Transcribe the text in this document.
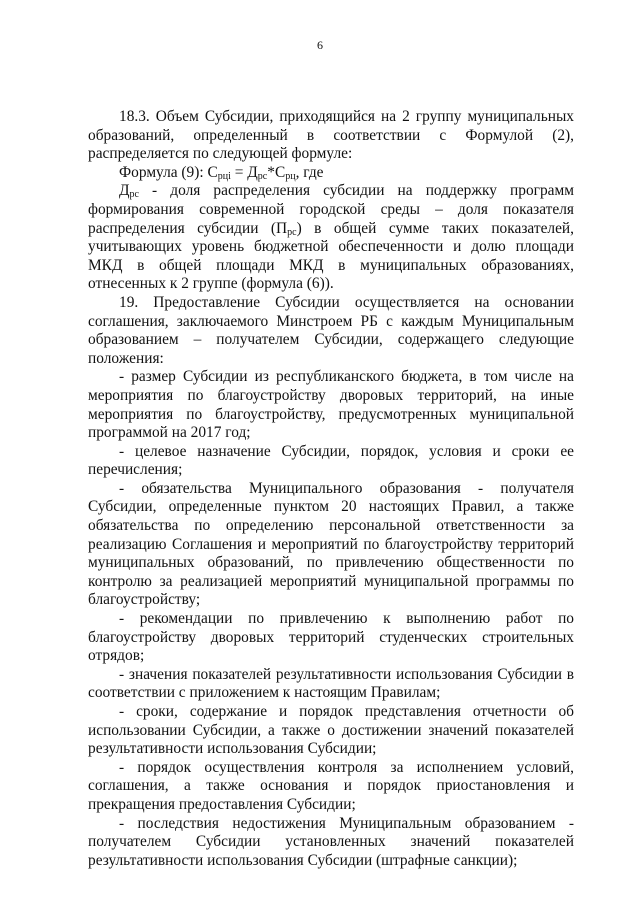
6

18.3. Объем Субсидии, приходящийся на 2 группу муниципальных образований, определенный в соответствии с Формулой (2), распределяется по следующей формуле:

Формула (9): $С_{рці} = Д_{рс}*С_{рц}$, где

$Д_{рс}$ - доля распределения субсидии на поддержку программ формирования современной городской среды – доля показателя распределения субсидии $(П_{рс})$ в общей сумме таких показателей, учитывающих уровень бюджетной обеспеченности и долю площади МКД в общей площади МКД в муниципальных образованиях, отнесенных к 2 группе (формула (6)).

19. Предоставление Субсидии осуществляется на основании соглашения, заключаемого Минстроем РБ с каждым Муниципальным образованием – получателем Субсидии, содержащего следующие положения:

- размер Субсидии из республиканского бюджета, в том числе на мероприятия по благоустройству дворовых территорий, на иные мероприятия по благоустройству, предусмотренных муниципальной программой на 2017 год;

- целевое назначение Субсидии, порядок, условия и сроки ее перечисления;

- обязательства Муниципального образования - получателя Субсидии, определенные пунктом 20 настоящих Правил, а также обязательства по определению персональной ответственности за реализацию Соглашения и мероприятий по благоустройству территорий муниципальных образований, по привлечению общественности по контролю за реализацией мероприятий муниципальной программы по благоустройству;

- рекомендации по привлечению к выполнению работ по благоустройству дворовых территорий студенческих строительных отрядов;

- значения показателей результативности использования Субсидии в соответствии с приложением к настоящим Правилам;

- сроки, содержание и порядок представления отчетности об использовании Субсидии, а также о достижении значений показателей результативности использования Субсидии;

- порядок осуществления контроля за исполнением условий, соглашения, а также основания и порядок приостановления и прекращения предоставления Субсидии;

- последствия недостижения Муниципальным образованием - получателем Субсидии установленных значений показателей результативности использования Субсидии (штрафные санкции);
